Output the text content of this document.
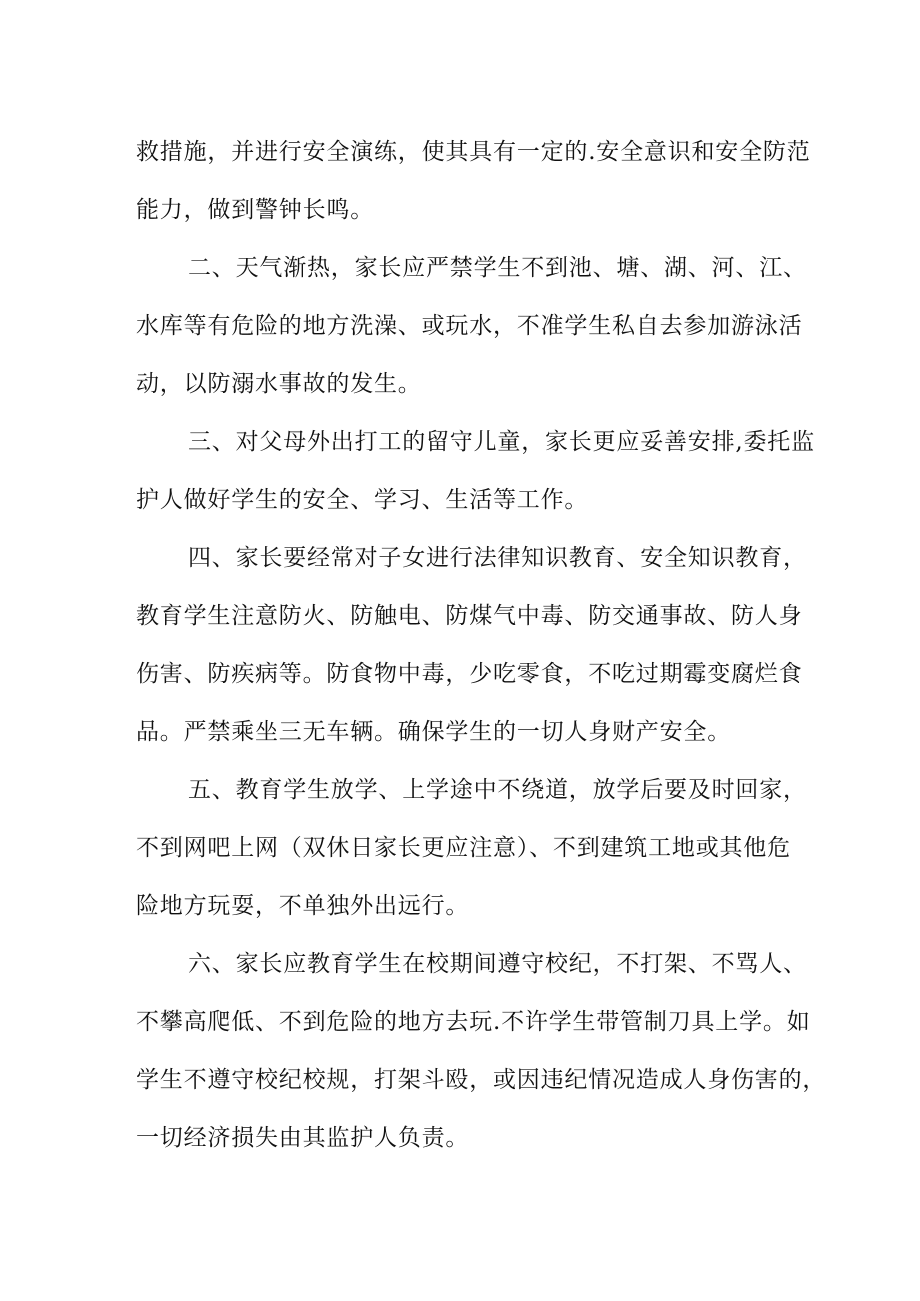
救措施，并进行安全演练，使其具有一定的.安全意识和安全防范
能力，做到警钟长鸣。
二、天气渐热，家长应严禁学生不到池、塘、湖、河、江、
水库等有危险的地方洗澡、或玩水，不准学生私自去参加游泳活
动，以防溺水事故的发生。
三、对父母外出打工的留守儿童，家长更应妥善安排,委托监
护人做好学生的安全、学习、生活等工作。
四、家长要经常对子女进行法律知识教育、安全知识教育，
教育学生注意防火、防触电、防煤气中毒、防交通事故、防人身
伤害、防疾病等。防食物中毒，少吃零食，不吃过期霉变腐烂食
品。严禁乘坐三无车辆。确保学生的一切人身财产安全。
五、教育学生放学、上学途中不绕道，放学后要及时回家，
不到网吧上网（双休日家长更应注意）、不到建筑工地或其他危
险地方玩耍，不单独外出远行。
六、家长应教育学生在校期间遵守校纪，不打架、不骂人、
不攀高爬低、不到危险的地方去玩.不许学生带管制刀具上学。如
学生不遵守校纪校规，打架斗殴，或因违纪情况造成人身伤害的，
一切经济损失由其监护人负责。
